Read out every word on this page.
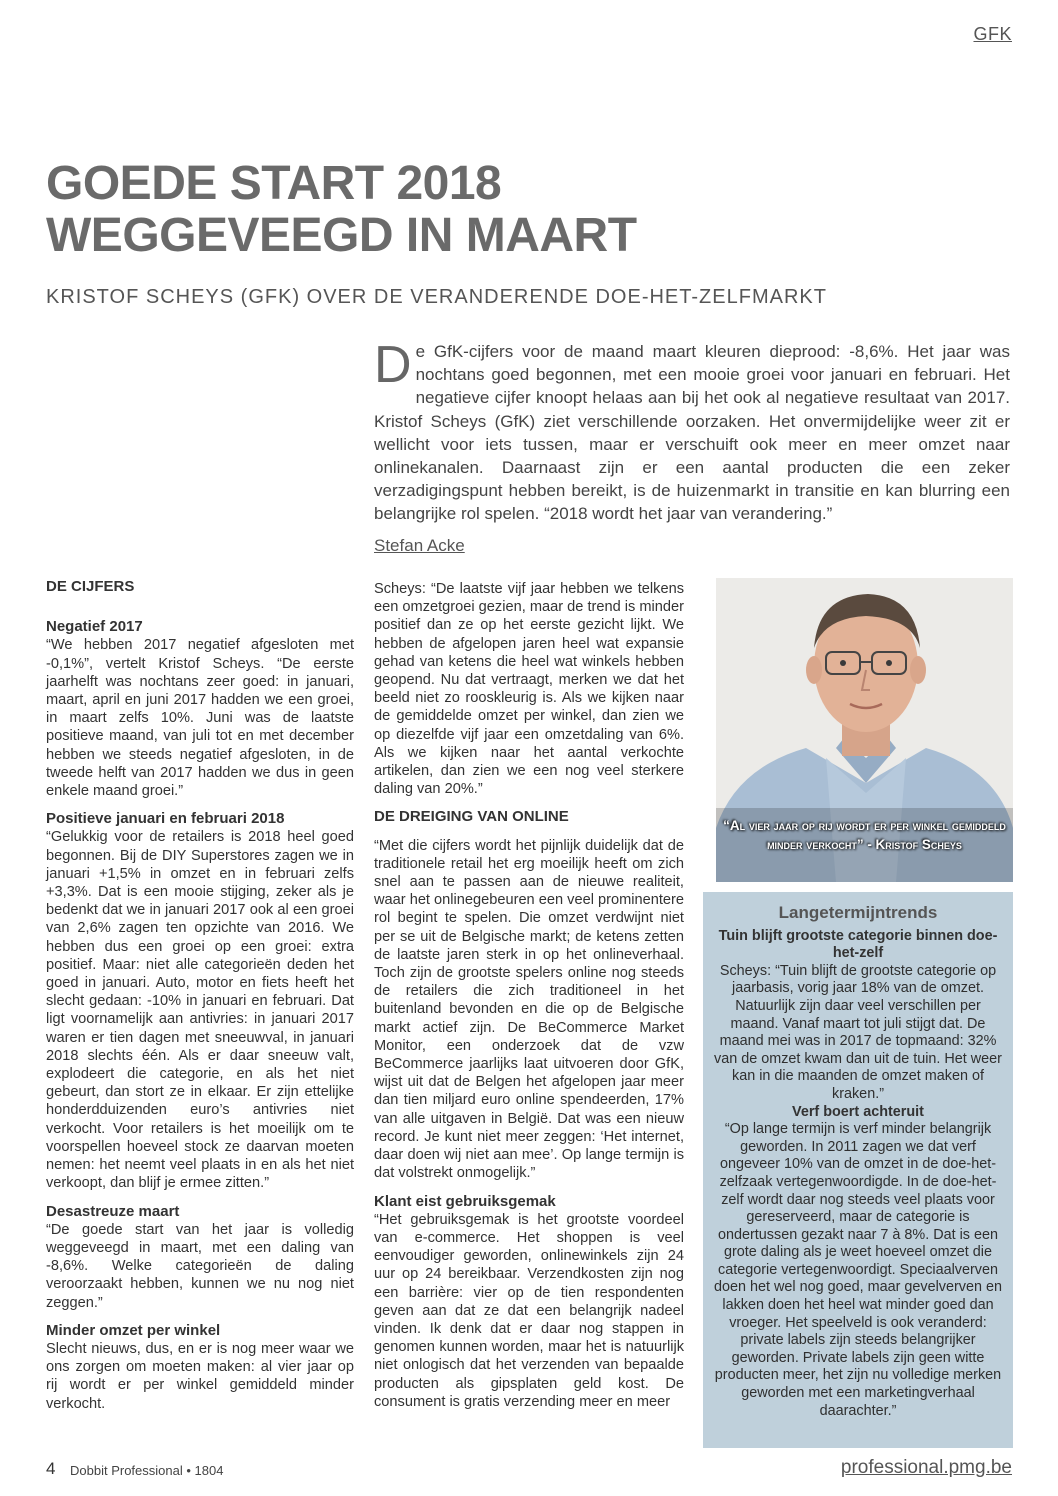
GFK
GOEDE START 2018
WEGGEVEEGD IN MAART
KRISTOF SCHEYS (GFK) OVER DE VERANDERENDE DOE-HET-ZELFMARKT
De GfK-cijfers voor de maand maart kleuren dieprood: -8,6%. Het jaar was nochtans goed begonnen, met een mooie groei voor januari en februari. Het negatieve cijfer knoopt helaas aan bij het ook al negatieve resultaat van 2017. Kristof Scheys (GfK) ziet verschillende oorzaken. Het onvermijdelijke weer zit er wellicht voor iets tussen, maar er verschuift ook meer en meer omzet naar onlinekanalen. Daarnaast zijn er een aantal producten die een zeker verzadigingspunt hebben bereikt, is de huizenmarkt in transitie en kan blurring een belangrijke rol spelen. “2018 wordt het jaar van verandering.”
Stefan Acke
DE CIJFERS
Negatief 2017

“We hebben 2017 negatief afgesloten met -0,1%”, vertelt Kristof Scheys. “De eerste jaarhelft was nochtans zeer goed: in januari, maart, april en juni 2017 hadden we een groei, in maart zelfs 10%. Juni was de laatste positieve maand, van juli tot en met december hebben we steeds negatief afgesloten, in de tweede helft van 2017 hadden we dus in geen enkele maand groei.”

Positieve januari en februari 2018

“Gelukkig voor de retailers is 2018 heel goed begonnen. Bij de DIY Superstores zagen we in januari +1,5% in omzet en in februari zelfs +3,3%. Dat is een mooie stijging, zeker als je bedenkt dat we in januari 2017 ook al een groei van 2,6% zagen ten opzichte van 2016. We hebben dus een groei op een groei: extra positief. Maar: niet alle categorieën deden het goed in januari. Auto, motor en fiets heeft het slecht gedaan: -10% in januari en februari. Dat ligt voornamelijk aan antivries: in januari 2017 waren er tien dagen met sneeuwval, in januari 2018 slechts één. Als er daar sneeuw valt, explodeert die categorie, en als het niet gebeurt, dan stort ze in elkaar. Er zijn ettelijke honderdduizenden euro’s antivries niet verkocht. Voor retailers is het moeilijk om te voorspellen hoeveel stock ze daarvan moeten nemen: het neemt veel plaats in en als het niet verkoopt, dan blijf je ermee zitten.”

Desastreuze maart

“De goede start van het jaar is volledig weggeveegd in maart, met een daling van -8,6%. Welke categorieën de daling veroorzaakt hebben, kunnen we nu nog niet zeggen.”

Minder omzet per winkel

Slecht nieuws, dus, en er is nog meer waar we ons zorgen om moeten maken: al vier jaar op rij wordt er per winkel gemiddeld minder verkocht.

Scheys: “De laatste vijf jaar hebben we telkens een omzetgroei gezien, maar de trend is minder positief dan ze op het eerste gezicht lijkt. We hebben de afgelopen jaren heel wat expansie gehad van ketens die heel wat winkels hebben geopend. Nu dat vertraagt, merken we dat het beeld niet zo rooskleurig is. Als we kijken naar de gemiddelde omzet per winkel, dan zien we op diezelfde vijf jaar een omzetdaling van 6%. Als we kijken naar het aantal verkochte artikelen, dan zien we een nog veel sterkere daling van 20%.”

DE DREIGING VAN ONLINE

“Met die cijfers wordt het pijnlijk duidelijk dat de traditionele retail het erg moeilijk heeft om zich snel aan te passen aan de nieuwe realiteit, waar het onlinegebeuren een veel prominentere rol begint te spelen. Die omzet verdwijnt niet per se uit de Belgische markt; de ketens zetten de laatste jaren sterk in op het onlineverhaal. Toch zijn de grootste spelers online nog steeds de retailers die zich traditioneel in het buitenland bevonden en die op de Belgische markt actief zijn. De BeCommerce Market Monitor, een onderzoek dat de vzw BeCommerce jaarlijks laat uitvoeren door GfK, wijst uit dat de Belgen het afgelopen jaar meer dan tien miljard euro online spendeerden, 17% van alle uitgaven in België. Dat was een nieuw record. Je kunt niet meer zeggen: ‘Het internet, daar doen wij niet aan mee’. Op lange termijn is dat volstrekt onmogelijk.”

Klant eist gebruiksgemak

“Het gebruiksgemak is het grootste voordeel van e-commerce. Het shoppen is veel eenvoudiger geworden, onlinewinkels zijn 24 uur op 24 bereikbaar. Verzendkosten zijn nog een barrière: vier op de tien respondenten geven aan dat ze dat een belangrijk nadeel vinden. Ik denk dat er daar nog stappen in genomen kunnen worden, maar het is natuurlijk niet onlogisch dat het verzenden van bepaalde producten als gipsplaten geld kost. De consument is gratis verzending meer en meer

“Al vier jaar op rij wordt er per winkel gemiddeld minder verkocht” - Kristof Scheys
Langetermijntrends
Tuin blijft grootste categorie binnen doe-het-zelf
Scheys: “Tuin blijft de grootste categorie op jaarbasis, vorig jaar 18% van de omzet. Natuurlijk zijn daar veel verschillen per maand. Vanaf maart tot juli stijgt dat. De maand mei was in 2017 de topmaand: 32% van de omzet kwam dan uit de tuin. Het weer kan in die maanden de omzet maken of kraken.”
Verf boert achteruit
“Op lange termijn is verf minder belangrijk geworden. In 2011 zagen we dat verf ongeveer 10% van de omzet in de doe-het-zelfzaak vertegenwoordigde. In de doe-het-zelf wordt daar nog steeds veel plaats voor gereserveerd, maar de categorie is ondertussen gezakt naar 7 à 8%. Dat is een grote daling als je weet hoeveel omzet die categorie vertegenwoordigt. Speciaalverven doen het wel nog goed, maar gevelverven en lakken doen het heel wat minder goed dan vroeger. Het speelveld is ook veranderd: private labels zijn steeds belangrijker geworden. Private labels zijn geen witte producten meer, het zijn nu volledige merken geworden met een marketingverhaal daarachter.”
4 Dobbit Professional • 1804	professional.pmg.be
